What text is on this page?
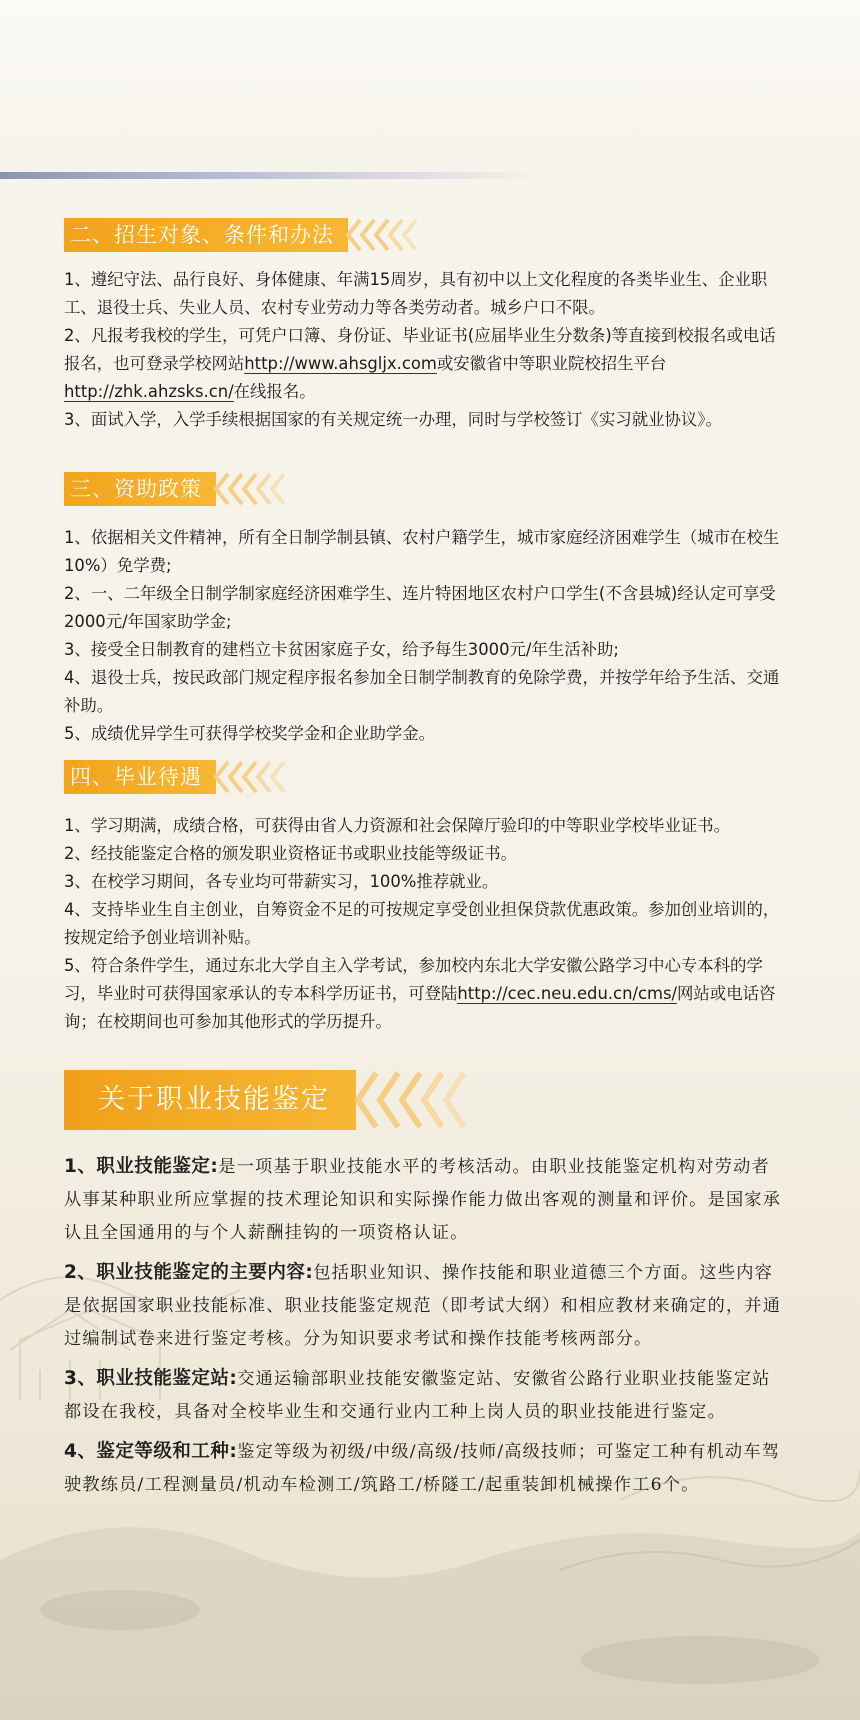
二、招生对象、条件和办法

1、遵纪守法、品行良好、身体健康、年满15周岁，具有初中以上文化程度的各类毕业生、企业职工、退役士兵、失业人员、农村专业劳动力等各类劳动者。城乡户口不限。

2、凡报考我校的学生，可凭户口簿、身份证、毕业证书(应届毕业生分数条)等直接到校报名或电话报名，也可登录学校网站http://www.ahsgljx.com或安徽省中等职业院校招生平台http://zhk.ahzsks.cn/在线报名。

3、面试入学，入学手续根据国家的有关规定统一办理，同时与学校签订《实习就业协议》。

三、资助政策

1、依据相关文件精神，所有全日制学制县镇、农村户籍学生，城市家庭经济困难学生（城市在校生10%）免学费;

2、一、二年级全日制学制家庭经济困难学生、连片特困地区农村户口学生(不含县城)经认定可享受2000元/年国家助学金;

3、接受全日制教育的建档立卡贫困家庭子女，给予每生3000元/年生活补助;

4、退役士兵，按民政部门规定程序报名参加全日制学制教育的免除学费，并按学年给予生活、交通补助。

5、成绩优异学生可获得学校奖学金和企业助学金。

四、毕业待遇

1、学习期满，成绩合格，可获得由省人力资源和社会保障厅验印的中等职业学校毕业证书。

2、经技能鉴定合格的颁发职业资格证书或职业技能等级证书。

3、在校学习期间，各专业均可带薪实习，100%推荐就业。

4、支持毕业生自主创业，自筹资金不足的可按规定享受创业担保贷款优惠政策。参加创业培训的，按规定给予创业培训补贴。

5、符合条件学生，通过东北大学自主入学考试，参加校内东北大学安徽公路学习中心专本科的学习，毕业时可获得国家承认的专本科学历证书，可登陆http://cec.neu.edu.cn/cms/网站或电话咨询；在校期间也可参加其他形式的学历提升。

关于职业技能鉴定

1、职业技能鉴定:是一项基于职业技能水平的考核活动。由职业技能鉴定机构对劳动者从事某种职业所应掌握的技术理论知识和实际操作能力做出客观的测量和评价。是国家承认且全国通用的与个人薪酬挂钩的一项资格认证。

2、职业技能鉴定的主要内容:包括职业知识、操作技能和职业道德三个方面。这些内容是依据国家职业技能标准、职业技能鉴定规范（即考试大纲）和相应教材来确定的，并通过编制试卷来进行鉴定考核。分为知识要求考试和操作技能考核两部分。

3、职业技能鉴定站:交通运输部职业技能安徽鉴定站、安徽省公路行业职业技能鉴定站都设在我校，具备对全校毕业生和交通行业内工种上岗人员的职业技能进行鉴定。

4、鉴定等级和工种:鉴定等级为初级/中级/高级/技师/高级技师；可鉴定工种有机动车驾驶教练员/工程测量员/机动车检测工/筑路工/桥隧工/起重装卸机械操作工6个。
